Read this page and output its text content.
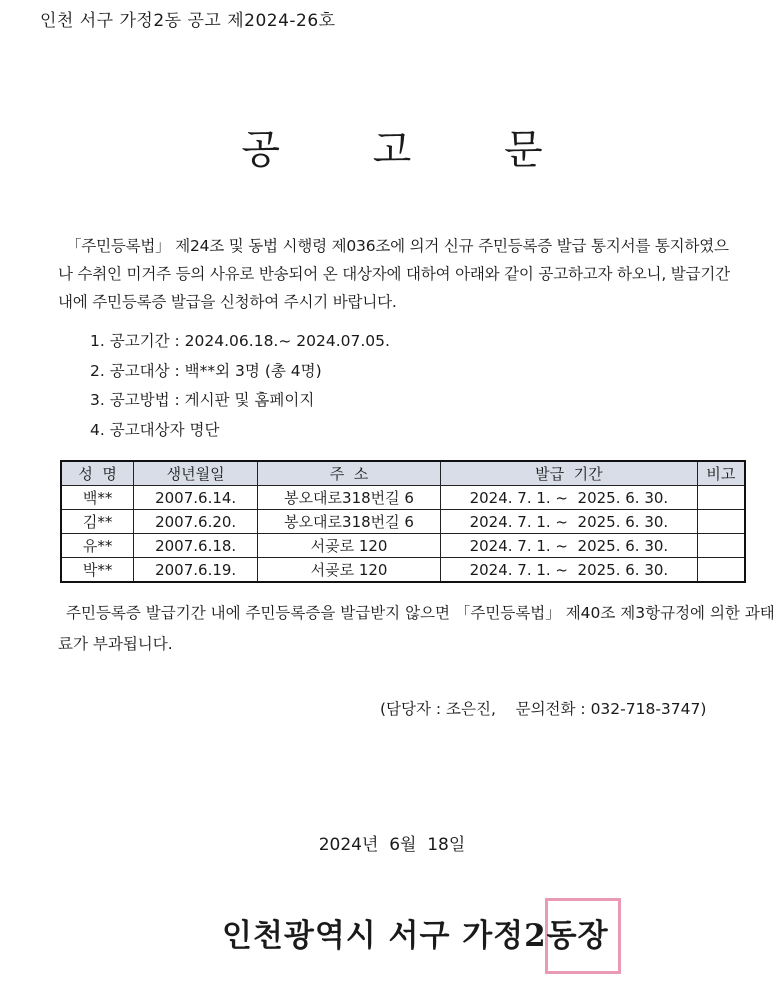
인천 서구 가정2동 공고 제2024-26호
공 고 문
「주민등록법」 제24조 및 동법 시행령 제036조에 의거 신규 주민등록증 발급 통지서를 통지하였으나 수취인 미거주 등의 사유로 반송되어 온 대상자에 대하여 아래와 같이 공고하고자 하오니, 발급기간 내에 주민등록증 발급을 신청하여 주시기 바랍니다.
1. 공고기간 : 2024.06.18.~ 2024.07.05.
2. 공고대상 : 백**외 3명 (총 4명)
3. 공고방법 : 게시판 및 홈페이지
4. 공고대상자 명단
성  명	생년월일	주  소	발급  기간	비고
백**	2007.6.14.	봉오대로318번길 6	2024. 7. 1. ~  2025. 6. 30.	
김**	2007.6.20.	봉오대로318번길 6	2024. 7. 1. ~  2025. 6. 30.	
유**	2007.6.18.	서곶로 120	2024. 7. 1. ~  2025. 6. 30.	
박**	2007.6.19.	서곶로 120	2024. 7. 1. ~  2025. 6. 30.	
주민등록증 발급기간 내에 주민등록증을 발급받지 않으면 「주민등록법」 제40조 제3항규정에 의한 과태료가 부과됩니다.
(담당자 : 조은진,    문의전화 : 032-718-3747)
2024년  6월  18일
인천광역시 서구 가정2동장
